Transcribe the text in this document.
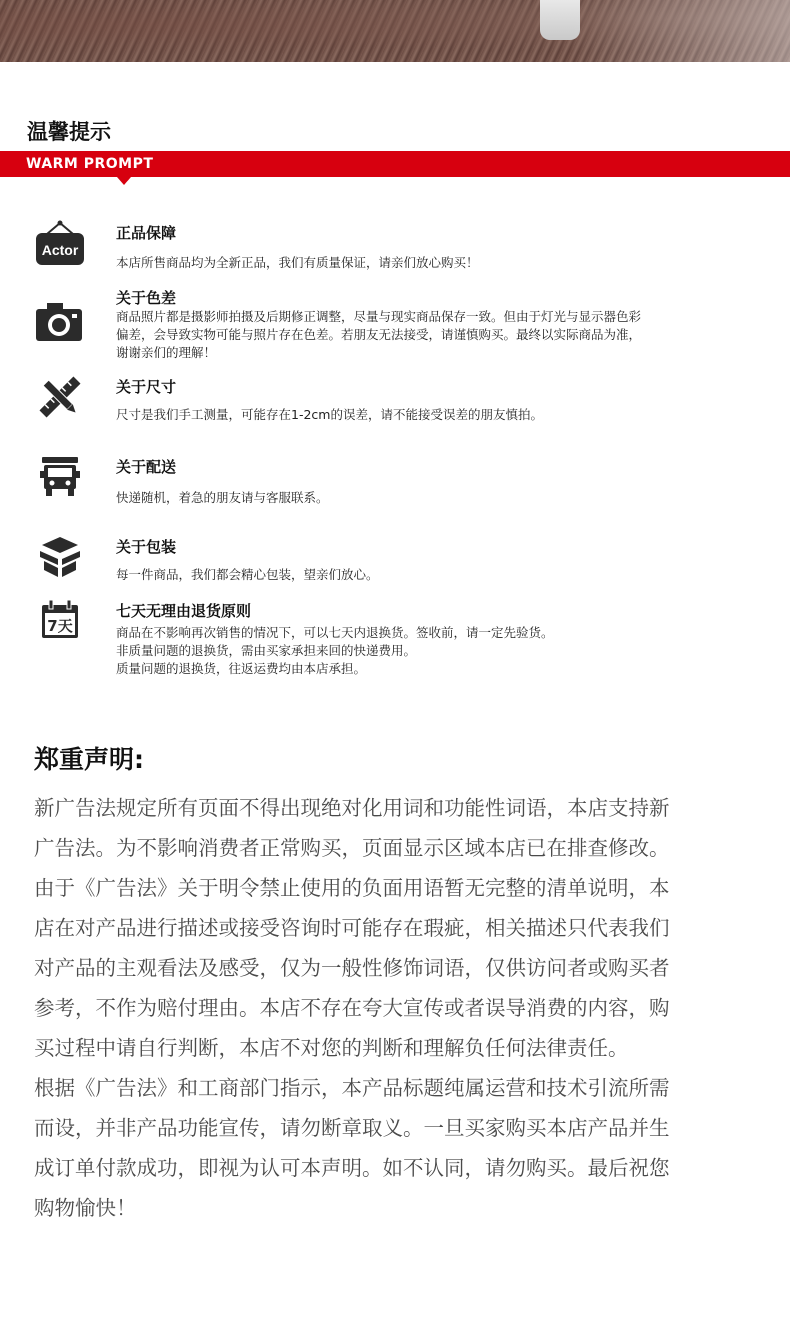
温馨提示
WARM PROMPT
Actor
正品保障
本店所售商品均为全新正品，我们有质量保证，请亲们放心购买！
关于色差
商品照片都是摄影师拍摄及后期修正调整，尽量与现实商品保存一致。但由于灯光与显示器色彩
偏差，会导致实物可能与照片存在色差。若朋友无法接受，请谨慎购买。最终以实际商品为准，
谢谢亲们的理解！
关于尺寸
尺寸是我们手工测量，可能存在1-2cm的误差，请不能接受误差的朋友慎拍。
关于配送
快递随机，着急的朋友请与客服联系。
关于包装
每一件商品，我们都会精心包装，望亲们放心。
7天
七天无理由退货原则
商品在不影响再次销售的情况下，可以七天内退换货。签收前，请一定先验货。
非质量问题的退换货，需由买家承担来回的快递费用。
质量问题的退换货，往返运费均由本店承担。
郑重声明:
新广告法规定所有页面不得出现绝对化用词和功能性词语，本店支持新
广告法。为不影响消费者正常购买，页面显示区域本店已在排查修改。
由于《广告法》关于明令禁止使用的负面用语暂无完整的清单说明，本
店在对产品进行描述或接受咨询时可能存在瑕疵，相关描述只代表我们
对产品的主观看法及感受，仅为一般性修饰词语，仅供访问者或购买者
参考，不作为赔付理由。本店不存在夸大宣传或者误导消费的内容，购
买过程中请自行判断，本店不对您的判断和理解负任何法律责任。
根据《广告法》和工商部门指示，本产品标题纯属运营和技术引流所需
而设，并非产品功能宣传，请勿断章取义。一旦买家购买本店产品并生
成订单付款成功，即视为认可本声明。如不认同，请勿购买。最后祝您
购物愉快！
